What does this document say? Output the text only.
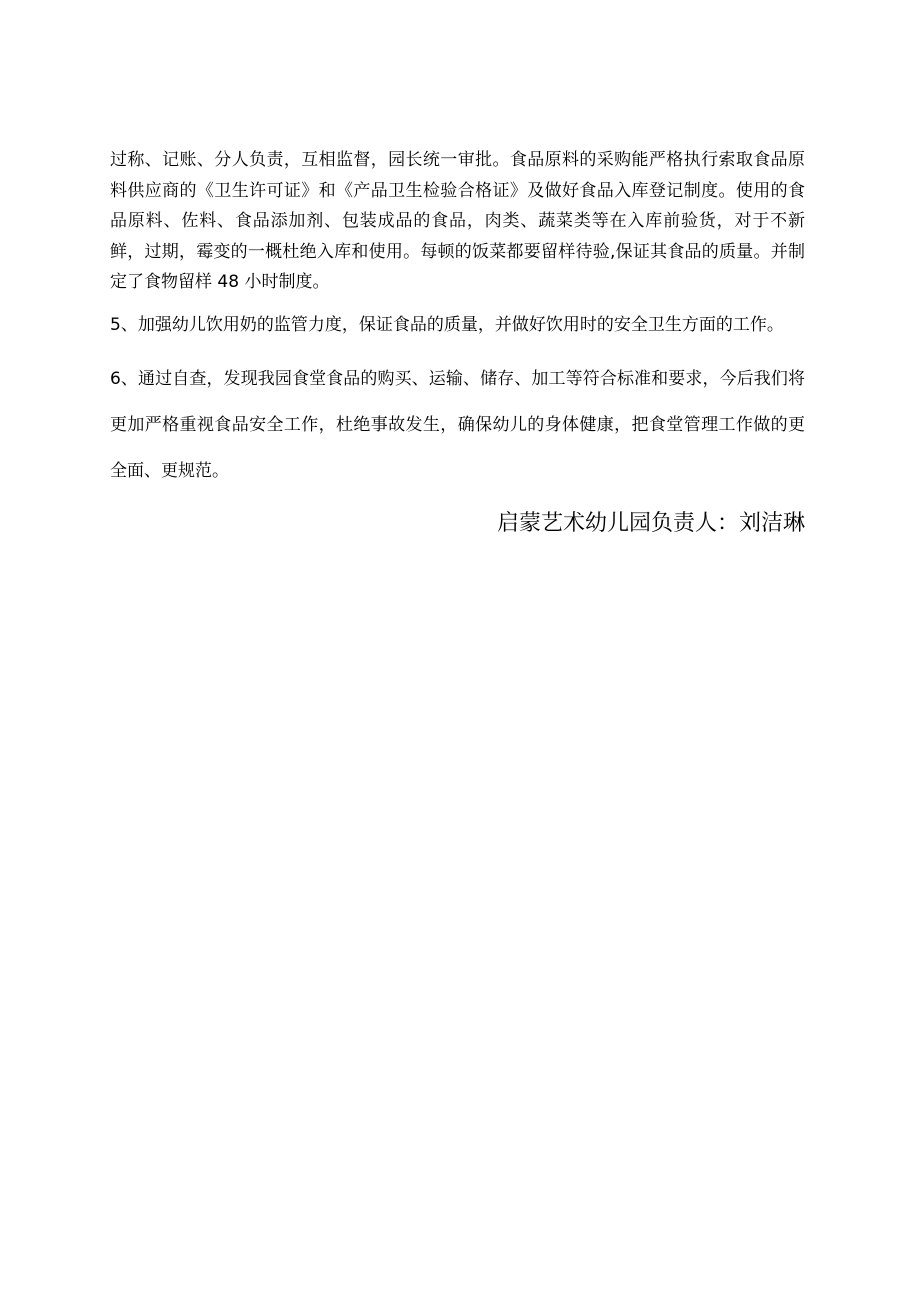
过称、记账、分人负责，互相监督，园长统一审批。食品原料的采购能严格执行索取食品原料供应商的《卫生许可证》和《产品卫生检验合格证》及做好食品入库登记制度。使用的食品原料、佐料、食品添加剂、包装成品的食品，肉类、蔬菜类等在入库前验货，对于不新鲜，过期，霉变的一概杜绝入库和使用。每顿的饭菜都要留样待验,保证其食品的质量。并制定了食物留样 48 小时制度。

5、加强幼儿饮用奶的监管力度，保证食品的质量，并做好饮用时的安全卫生方面的工作。

6、通过自查，发现我园食堂食品的购买、运输、储存、加工等符合标准和要求，今后我们将更加严格重视食品安全工作，杜绝事故发生，确保幼儿的身体健康，把食堂管理工作做的更全面、更规范。

启蒙艺术幼儿园负责人：刘洁琳
